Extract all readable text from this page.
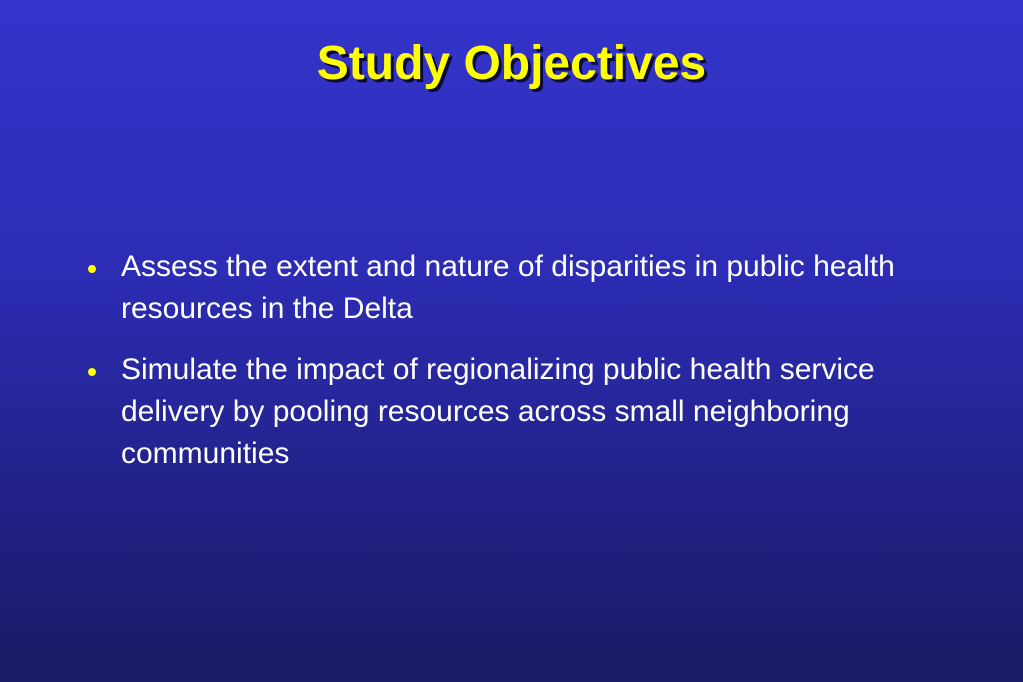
Study Objectives
Assess the extent and nature of disparities in public health resources in the Delta
Simulate the impact of regionalizing public health service delivery by pooling resources across small neighboring communities
